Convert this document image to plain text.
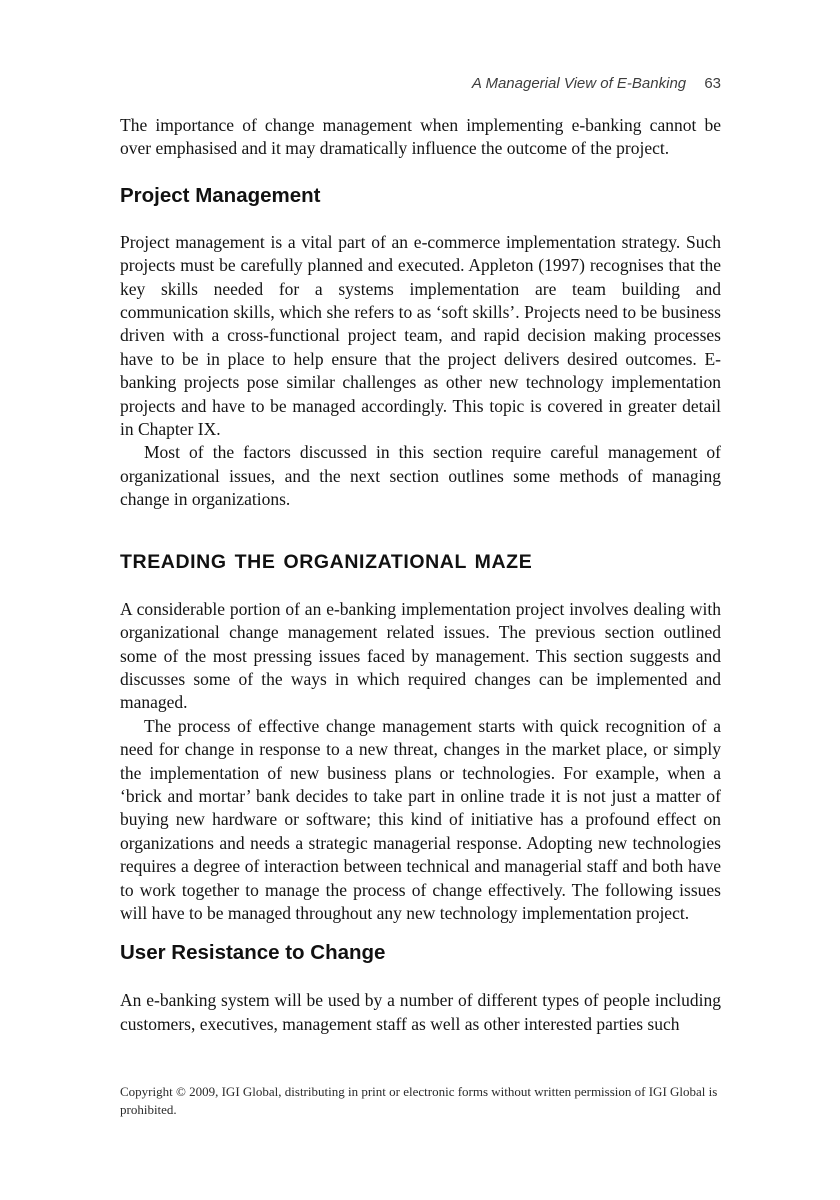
A Managerial View of E-Banking 63

The importance of change management when implementing e-banking cannot be over emphasised and it may dramatically influence the outcome of the project.

Project Management

Project management is a vital part of an e-commerce implementation strategy. Such projects must be carefully planned and executed. Appleton (1997) recognises that the key skills needed for a systems implementation are team building and communication skills, which she refers to as ‘soft skills’. Projects need to be business driven with a cross-functional project team, and rapid decision making processes have to be in place to help ensure that the project delivers desired outcomes. E-banking projects pose similar challenges as other new technology implementation projects and have to be managed accordingly. This topic is covered in greater detail in Chapter IX.

Most of the factors discussed in this section require careful management of organizational issues, and the next section outlines some methods of managing change in organizations.

TREADING THE ORGANIZATIONAL MAZE

A considerable portion of an e-banking implementation project involves dealing with organizational change management related issues. The previous section outlined some of the most pressing issues faced by management. This section suggests and discusses some of the ways in which required changes can be implemented and managed.

The process of effective change management starts with quick recognition of a need for change in response to a new threat, changes in the market place, or simply the implementation of new business plans or technologies. For example, when a ‘brick and mortar’ bank decides to take part in online trade it is not just a matter of buying new hardware or software; this kind of initiative has a profound effect on organizations and needs a strategic managerial response. Adopting new technologies requires a degree of interaction between technical and managerial staff and both have to work together to manage the process of change effectively. The following issues will have to be managed throughout any new technology implementation project.

User Resistance to Change

An e-banking system will be used by a number of different types of people including customers, executives, management staff as well as other interested parties such

Copyright © 2009, IGI Global, distributing in print or electronic forms without written permission of IGI Global is prohibited.
